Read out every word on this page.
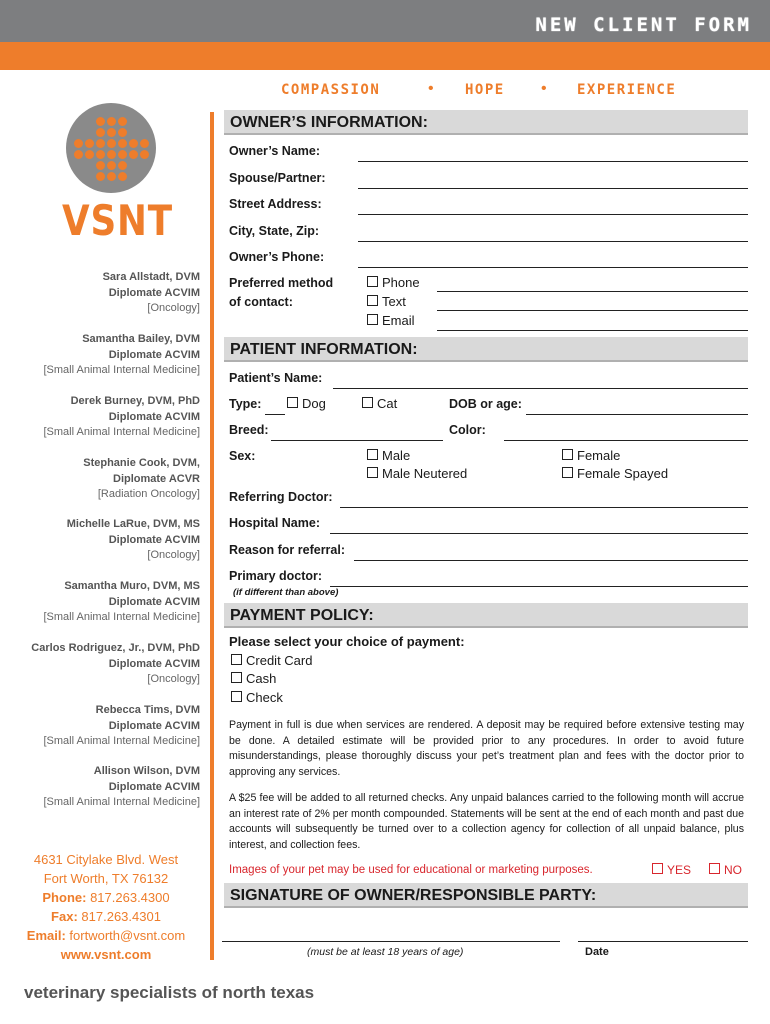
NEW CLIENT FORM
COMPASSION	• HOPE • EXPERIENCE
VSNT
Sara Allstadt, DVM
Diplomate ACVIM
[Oncology]
Samantha Bailey, DVM
Diplomate ACVIM
[Small Animal Internal Medicine]
Derek Burney, DVM, PhD
Diplomate ACVIM
[Small Animal Internal Medicine]
Stephanie Cook, DVM,
Diplomate ACVR
[Radiation Oncology]
Michelle LaRue, DVM, MS
Diplomate ACVIM
[Oncology]
Samantha Muro, DVM, MS
Diplomate ACVIM
[Small Animal Internal Medicine]
Carlos Rodriguez, Jr., DVM, PhD
Diplomate ACVIM
[Oncology]
Rebecca Tims, DVM
Diplomate ACVIM
[Small Animal Internal Medicine]
Allison Wilson, DVM
Diplomate ACVIM
[Small Animal Internal Medicine]
4631 Citylake Blvd. West
Fort Worth, TX 76132
Phone: 817.263.4300
Fax: 817.263.4301
Email: fortworth@vsnt.com
www.vsnt.com
veterinary specialists of north texas
OWNER’S INFORMATION:
Owner’s Name:
Spouse/Partner:
Street Address:
City, State, Zip:
Owner’s Phone:
Preferred method
of contact:
Phone
Text
Email
PATIENT INFORMATION:
Patient’s Name:
Type:	Dog	Cat	DOB or age:
Breed:	Color:
Sex:	Male
Male Neutered
Female
Female Spayed
Referring Doctor:
Hospital Name:
Reason for referral:
Primary doctor:
(if different than above)
PAYMENT POLICY:
Please select your choice of payment:
Credit Card
Cash
Check
Payment in full is due when services are rendered. A deposit may be required before extensive testing may be done. A detailed estimate will be provided prior to any procedures. In order to avoid future misunderstandings, please thoroughly discuss your pet’s treatment plan and fees with the doctor prior to approving any services.
A $25 fee will be added to all returned checks. Any unpaid balances carried to the following month will accrue an interest rate of 2% per month compounded. Statements will be sent at the end of each month and past due accounts will subsequently be turned over to a collection agency for collection of all unpaid balance, plus interest, and collection fees.
Images of your pet may be used for educational or marketing purposes.	YES	NO
SIGNATURE OF OWNER/RESPONSIBLE PARTY:
(must be at least 18 years of age)	Date
